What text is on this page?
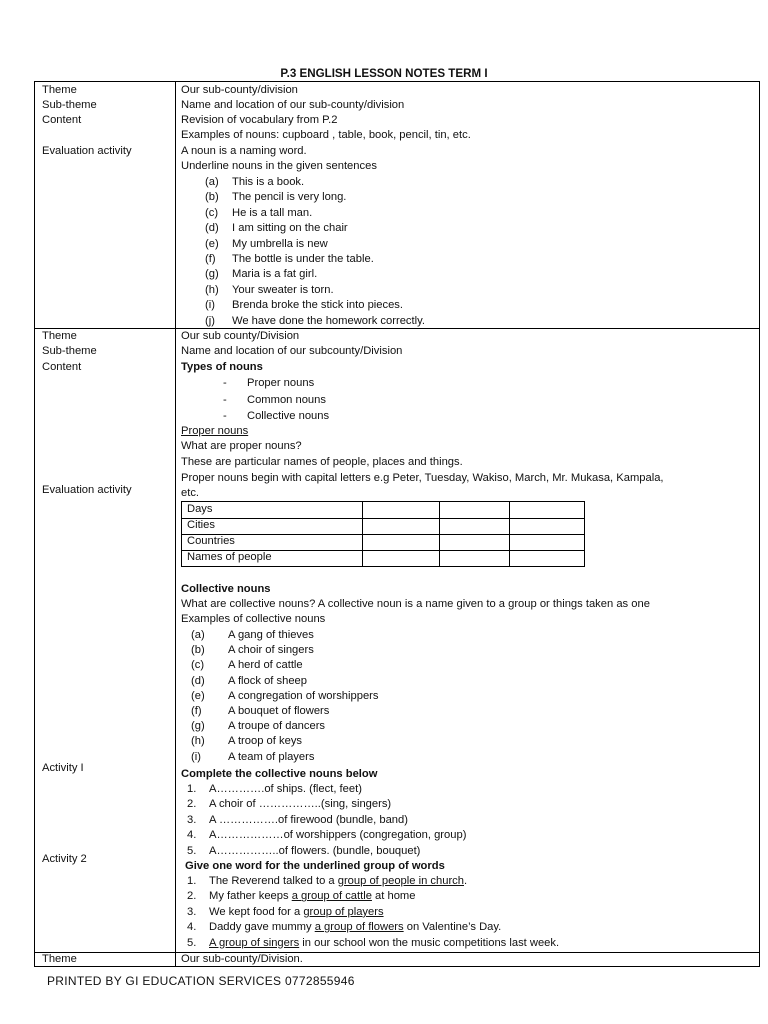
P.3 ENGLISH LESSON NOTES TERM I
Theme
Sub-theme
Content
Evaluation activity
Our sub-county/division
Name and location of our sub-county/division
Revision of vocabulary from P.2
Examples of nouns: cupboard , table, book, pencil, tin, etc.
A noun is a naming word.
Underline nouns in the given sentences
(a) This is a book.
(b) The pencil is very long.
(c) He is a tall man.
(d) I am sitting on the chair
(e) My umbrella is new
(f) The bottle is under the table.
(g) Maria is a fat girl.
(h) Your sweater is torn.
(i) Brenda broke the stick into pieces.
(j) We have done the homework correctly.
Theme
Sub-theme
Content
Evaluation activity
Activity I
Activity 2
Our sub county/Division
Name and location of our subcounty/Division
Types of nouns
- Proper nouns
- Common nouns
- Collective nouns
Proper nouns
What are proper nouns?
These are particular names of people, places and things.
Proper nouns begin with capital letters e.g Peter, Tuesday, Wakiso, March, Mr. Mukasa, Kampala,
etc.
Days
Cities
Countries
Names of people
Collective nouns
What are collective nouns? A collective noun is a name given to a group or things taken as one
Examples of collective nouns
(a) A gang of thieves
(b) A choir of singers
(c) A herd of cattle
(d) A flock of sheep
(e) A congregation of worshippers
(f) A bouquet of flowers
(g) A troupe of dancers
(h) A troop of keys
(i) A team of players
Complete the collective nouns below
1. A………….of ships. (flect, feet)
2. A choir of ……………..(sing, singers)
3. A …………….of firewood (bundle, band)
4. A………………of worshippers (congregation, group)
5. A……………..of flowers. (bundle, bouquet)
Give one word for the underlined group of words
1. The Reverend talked to a group of people in church.
2. My father keeps a group of cattle at home
3. We kept food for a group of players
4. Daddy gave mummy a group of flowers on Valentine’s Day.
5. A group of singers in our school won the music competitions last week.
Theme	Our sub-county/Division.
PRINTED BY GI EDUCATION SERVICES 0772855946
